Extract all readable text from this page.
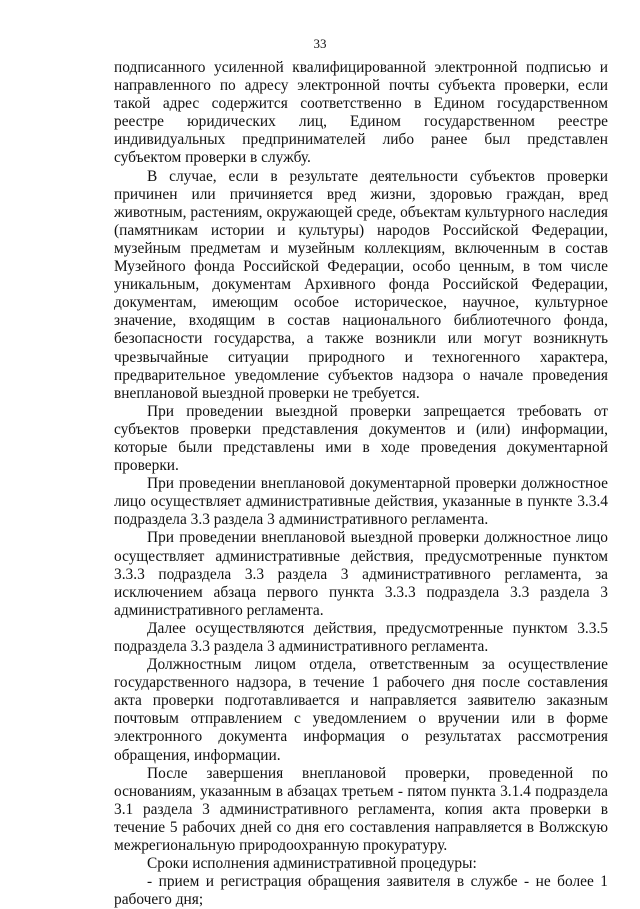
33

подписанного усиленной квалифицированной электронной подписью и направленного по адресу электронной почты субъекта проверки, если такой адрес содержится соответственно в Едином государственном реестре юридических лиц, Едином государственном реестре индивидуальных предпринимателей либо ранее был представлен субъектом проверки в службу.

В случае, если в результате деятельности субъектов проверки причинен или причиняется вред жизни, здоровью граждан, вред животным, растениям, окружающей среде, объектам культурного наследия (памятникам истории и культуры) народов Российской Федерации, музейным предметам и музейным коллекциям, включенным в состав Музейного фонда Российской Федерации, особо ценным, в том числе уникальным, документам Архивного фонда Российской Федерации, документам, имеющим особое историческое, научное, культурное значение, входящим в состав национального библиотечного фонда, безопасности государства, а также возникли или могут возникнуть чрезвычайные ситуации природного и техногенного характера, предварительное уведомление субъектов надзора о начале проведения внеплановой выездной проверки не требуется.

При проведении выездной проверки запрещается требовать от субъектов проверки представления документов и (или) информации, которые были представлены ими в ходе проведения документарной проверки.

При проведении внеплановой документарной проверки должностное лицо осуществляет административные действия, указанные в пункте 3.3.4 подраздела 3.3 раздела 3 административного регламента.

При проведении внеплановой выездной проверки должностное лицо осуществляет административные действия, предусмотренные пунктом 3.3.3 подраздела 3.3 раздела 3 административного регламента, за исключением абзаца первого пункта 3.3.3 подраздела 3.3 раздела 3 административного регламента.

Далее осуществляются действия, предусмотренные пунктом 3.3.5 подраздела 3.3 раздела 3 административного регламента.

Должностным лицом отдела, ответственным за осуществление государственного надзора, в течение 1 рабочего дня после составления акта проверки подготавливается и направляется заявителю заказным почтовым отправлением с уведомлением о вручении или в форме электронного документа информация о результатах рассмотрения обращения, информации.

После завершения внеплановой проверки, проведенной по основаниям, указанным в абзацах третьем - пятом пункта 3.1.4 подраздела 3.1 раздела 3 административного регламента, копия акта проверки в течение 5 рабочих дней со дня его составления направляется в Волжскую межрегиональную природоохранную прокуратуру.

Сроки исполнения административной процедуры:

- прием и регистрация обращения заявителя в службе - не более 1 рабочего дня;
